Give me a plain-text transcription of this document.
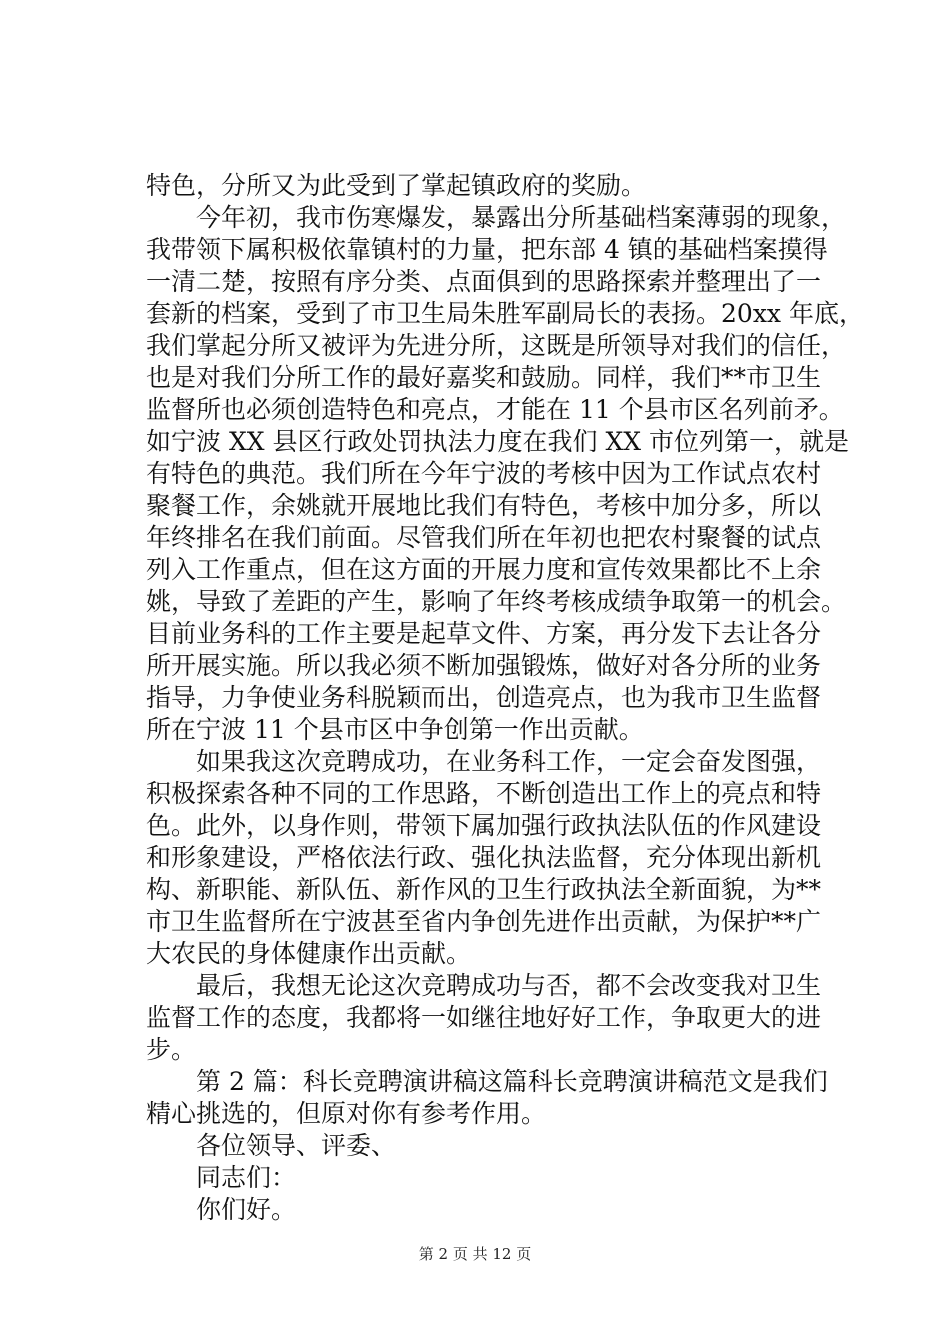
特色，分所又为此受到了掌起镇政府的奖励。
　　今年初，我市伤寒爆发，暴露出分所基础档案薄弱的现象，
我带领下属积极依靠镇村的力量，把东部 4 镇的基础档案摸得
一清二楚，按照有序分类、点面俱到的思路探索并整理出了一
套新的档案，受到了市卫生局朱胜军副局长的表扬。20xx 年底，
我们掌起分所又被评为先进分所，这既是所领导对我们的信任，
也是对我们分所工作的最好嘉奖和鼓励。同样，我们**市卫生
监督所也必须创造特色和亮点，才能在 11 个县市区名列前矛。
如宁波 XX 县区行政处罚执法力度在我们 XX 市位列第一，就是
有特色的典范。我们所在今年宁波的考核中因为工作试点农村
聚餐工作，余姚就开展地比我们有特色，考核中加分多，所以
年终排名在我们前面。尽管我们所在年初也把农村聚餐的试点
列入工作重点，但在这方面的开展力度和宣传效果都比不上余
姚，导致了差距的产生，影响了年终考核成绩争取第一的机会。
目前业务科的工作主要是起草文件、方案，再分发下去让各分
所开展实施。所以我必须不断加强锻炼，做好对各分所的业务
指导，力争使业务科脱颖而出，创造亮点，也为我市卫生监督
所在宁波 11 个县市区中争创第一作出贡献。
　　如果我这次竞聘成功，在业务科工作，一定会奋发图强，
积极探索各种不同的工作思路，不断创造出工作上的亮点和特
色。此外，以身作则，带领下属加强行政执法队伍的作风建设
和形象建设，严格依法行政、强化执法监督，充分体现出新机
构、新职能、新队伍、新作风的卫生行政执法全新面貌，为**
市卫生监督所在宁波甚至省内争创先进作出贡献，为保护**广
大农民的身体健康作出贡献。
　　最后，我想无论这次竞聘成功与否，都不会改变我对卫生
监督工作的态度，我都将一如继往地好好工作，争取更大的进
步。
　　第 2 篇：科长竞聘演讲稿这篇科长竞聘演讲稿范文是我们
精心挑选的，但原对你有参考作用。
　　各位领导、评委、
　　同志们：
　　你们好。
第 2 页 共 12 页
